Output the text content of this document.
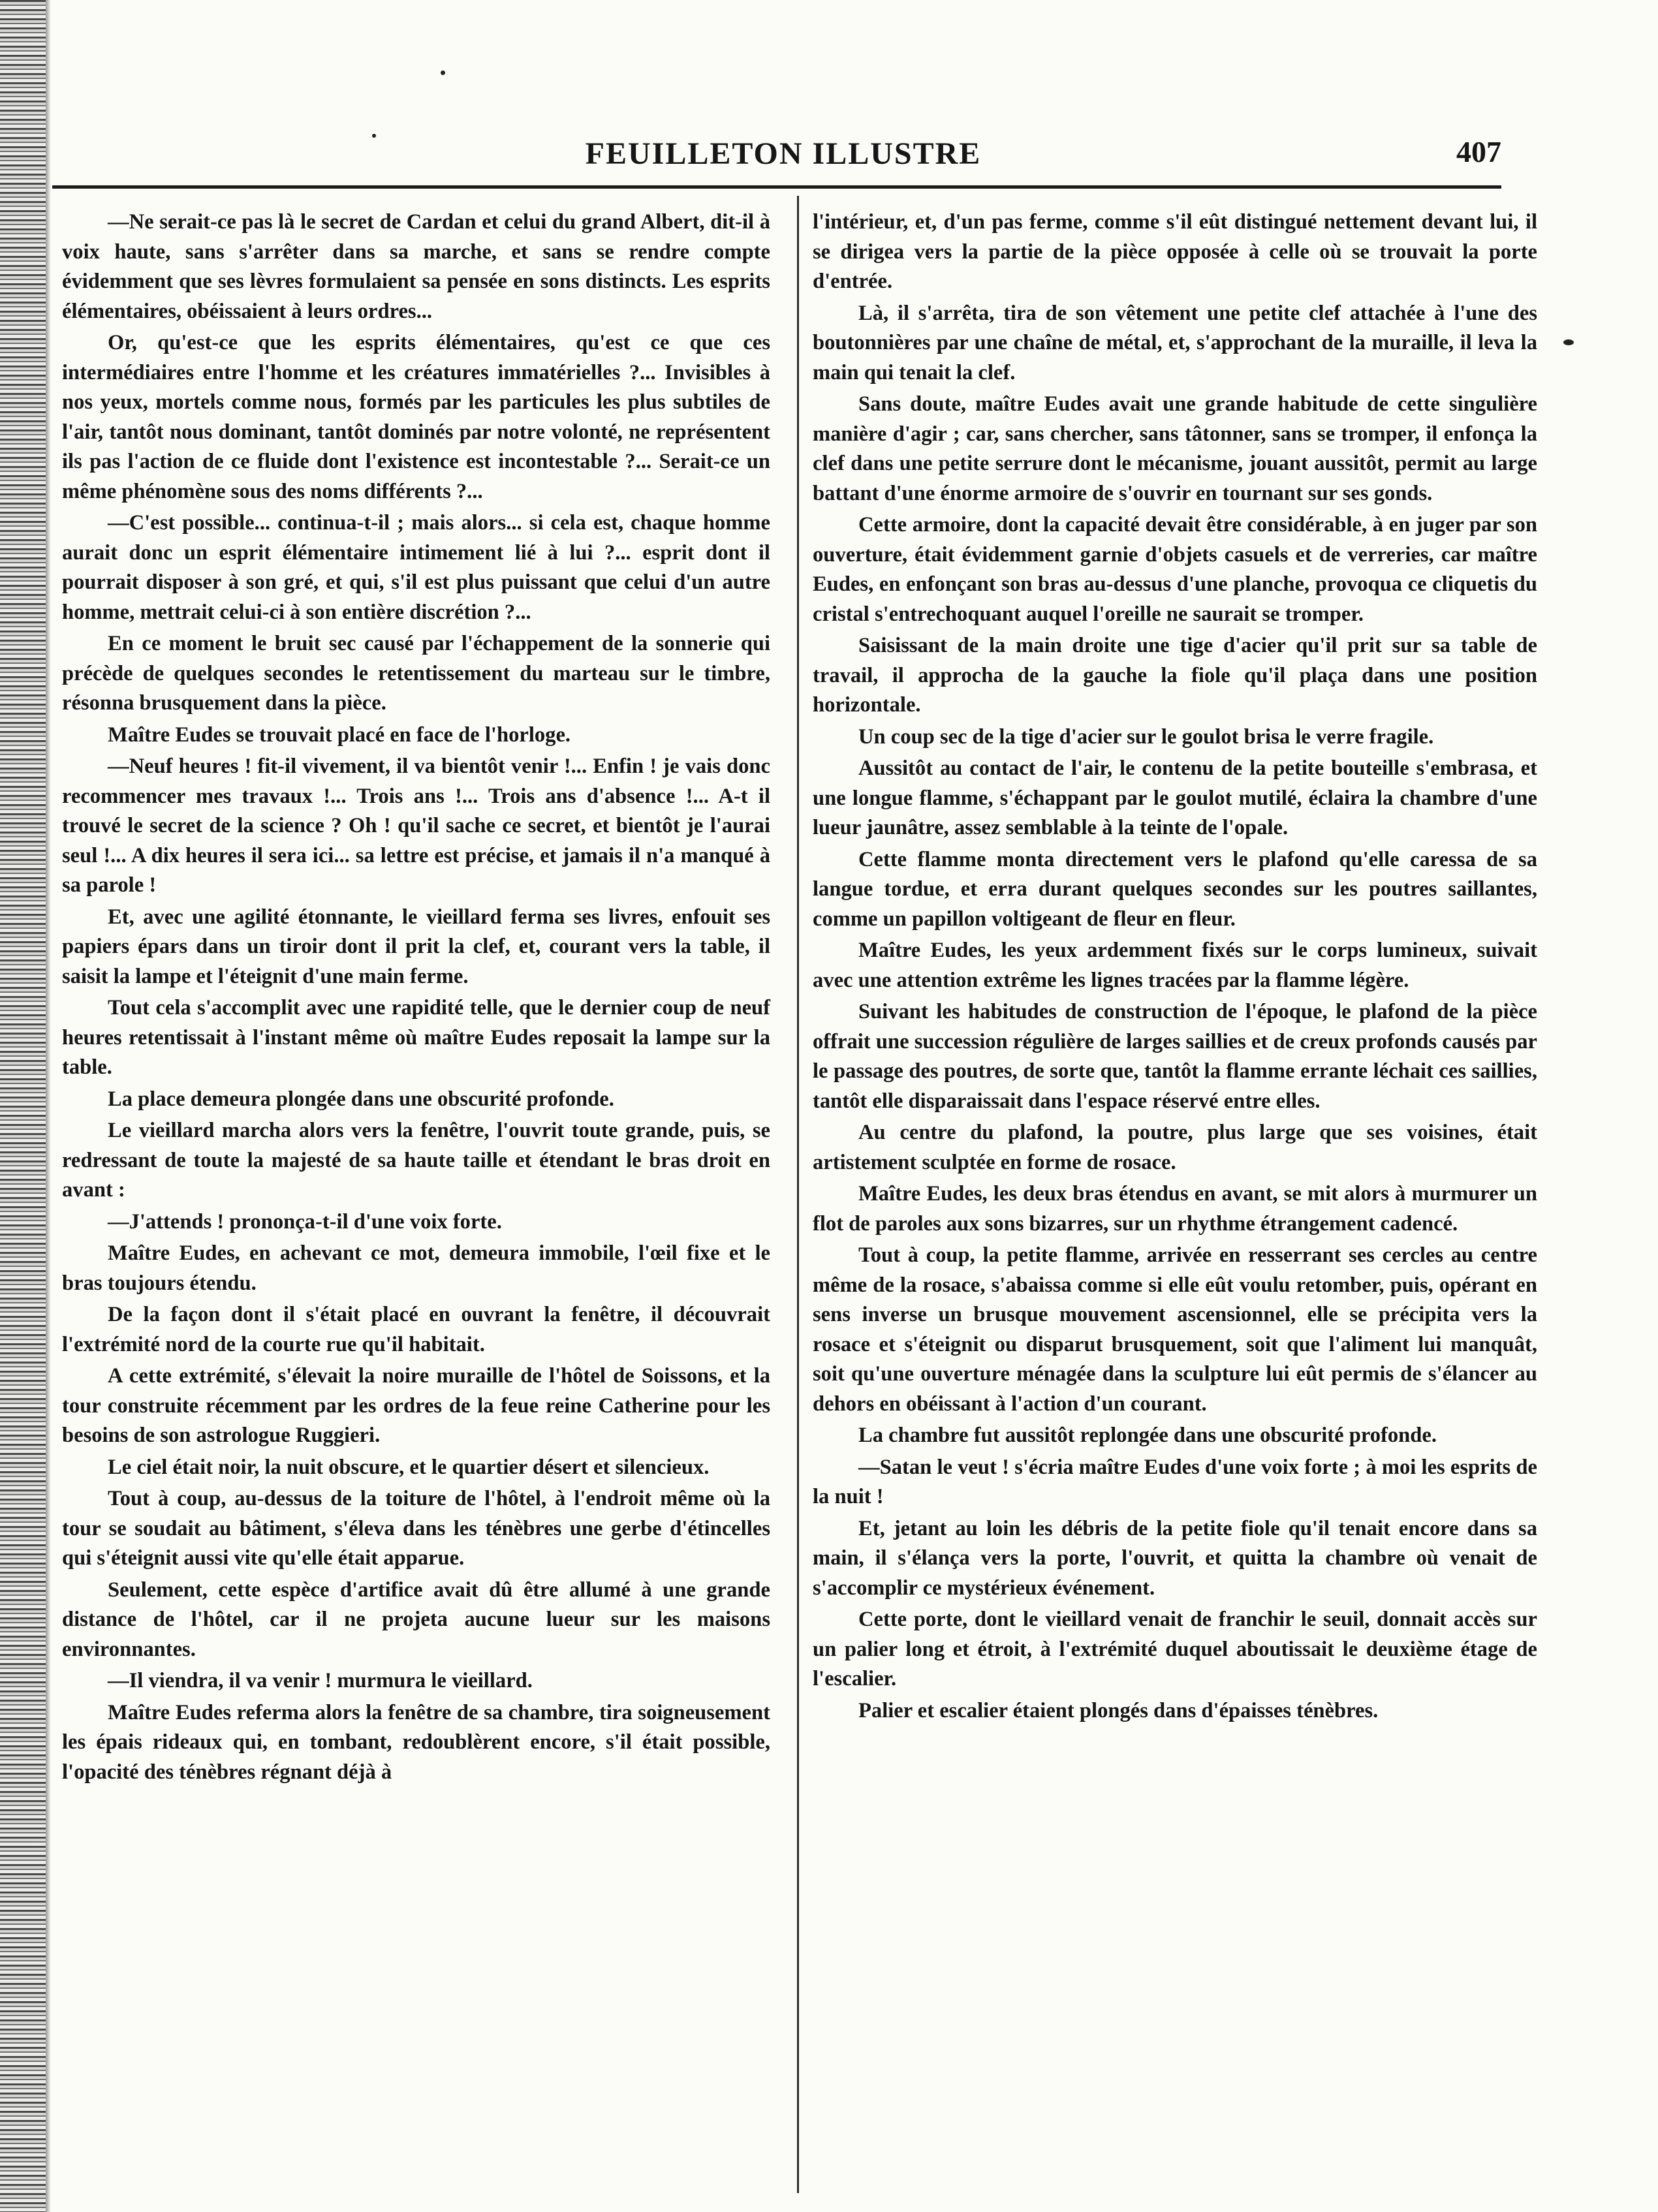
FEUILLETON ILLUSTRE	407

—Ne serait-ce pas là le secret de Cardan et celui du grand Albert, dit-il à voix haute, sans s'arrêter dans sa marche, et sans se rendre compte évidemment que ses lèvres formulaient sa pensée en sons distincts. Les esprits élémentaires, obéissaient à leurs ordres...

Or, qu'est-ce que les esprits élémentaires, qu'est ce que ces intermédiaires entre l'homme et les créatures immatérielles ?... Invisibles à nos yeux, mortels comme nous, formés par les particules les plus subtiles de l'air, tantôt nous dominant, tantôt dominés par notre volonté, ne représentent ils pas l'action de ce fluide dont l'existence est incontestable ?... Serait-ce un même phénomène sous des noms différents ?...

—C'est possible... continua-t-il ; mais alors... si cela est, chaque homme aurait donc un esprit élémentaire intimement lié à lui ?... esprit dont il pourrait disposer à son gré, et qui, s'il est plus puissant que celui d'un autre homme, mettrait celui-ci à son entière discrétion ?...

En ce moment le bruit sec causé par l'échappement de la sonnerie qui précède de quelques secondes le retentissement du marteau sur le timbre, résonna brusquement dans la pièce.

Maître Eudes se trouvait placé en face de l'horloge.

—Neuf heures ! fit-il vivement, il va bientôt venir !... Enfin ! je vais donc recommencer mes travaux !... Trois ans !... Trois ans d'absence !... A-t il trouvé le secret de la science ? Oh ! qu'il sache ce secret, et bientôt je l'aurai seul !... A dix heures il sera ici... sa lettre est précise, et jamais il n'a manqué à sa parole !

Et, avec une agilité étonnante, le vieillard ferma ses livres, enfouit ses papiers épars dans un tiroir dont il prit la clef, et, courant vers la table, il saisit la lampe et l'éteignit d'une main ferme.

Tout cela s'accomplit avec une rapidité telle, que le dernier coup de neuf heures retentissait à l'instant même où maître Eudes reposait la lampe sur la table.

La place demeura plongée dans une obscurité profonde.

Le vieillard marcha alors vers la fenêtre, l'ouvrit toute grande, puis, se redressant de toute la majesté de sa haute taille et étendant le bras droit en avant :

—J'attends ! prononça-t-il d'une voix forte.

Maître Eudes, en achevant ce mot, demeura immobile, l'œil fixe et le bras toujours étendu.

De la façon dont il s'était placé en ouvrant la fenêtre, il découvrait l'extrémité nord de la courte rue qu'il habitait.

A cette extrémité, s'élevait la noire muraille de l'hôtel de Soissons, et la tour construite récemment par les ordres de la feue reine Catherine pour les besoins de son astrologue Ruggieri.

Le ciel était noir, la nuit obscure, et le quartier désert et silencieux.

Tout à coup, au-dessus de la toiture de l'hôtel, à l'endroit même où la tour se soudait au bâtiment, s'éleva dans les ténèbres une gerbe d'étincelles qui s'éteignit aussi vite qu'elle était apparue.

Seulement, cette espèce d'artifice avait dû être allumé à une grande distance de l'hôtel, car il ne projeta aucune lueur sur les maisons environnantes.

—Il viendra, il va venir ! murmura le vieillard.

Maître Eudes referma alors la fenêtre de sa chambre, tira soigneusement les épais rideaux qui, en tombant, redoublèrent encore, s'il était possible, l'opacité des ténèbres régnant déjà à

l'intérieur, et, d'un pas ferme, comme s'il eût distingué nettement devant lui, il se dirigea vers la partie de la pièce opposée à celle où se trouvait la porte d'entrée.

Là, il s'arrêta, tira de son vêtement une petite clef attachée à l'une des boutonnières par une chaîne de métal, et, s'approchant de la muraille, il leva la main qui tenait la clef.

Sans doute, maître Eudes avait une grande habitude de cette singulière manière d'agir ; car, sans chercher, sans tâtonner, sans se tromper, il enfonça la clef dans une petite serrure dont le mécanisme, jouant aussitôt, permit au large battant d'une énorme armoire de s'ouvrir en tournant sur ses gonds.

Cette armoire, dont la capacité devait être considérable, à en juger par son ouverture, était évidemment garnie d'objets casuels et de verreries, car maître Eudes, en enfonçant son bras au-dessus d'une planche, provoqua ce cliquetis du cristal s'entrechoquant auquel l'oreille ne saurait se tromper.

Saisissant de la main droite une tige d'acier qu'il prit sur sa table de travail, il approcha de la gauche la fiole qu'il plaça dans une position horizontale.

Un coup sec de la tige d'acier sur le goulot brisa le verre fragile.

Aussitôt au contact de l'air, le contenu de la petite bouteille s'embrasa, et une longue flamme, s'échappant par le goulot mutilé, éclaira la chambre d'une lueur jaunâtre, assez semblable à la teinte de l'opale.

Cette flamme monta directement vers le plafond qu'elle caressa de sa langue tordue, et erra durant quelques secondes sur les poutres saillantes, comme un papillon voltigeant de fleur en fleur.

Maître Eudes, les yeux ardemment fixés sur le corps lumineux, suivait avec une attention extrême les lignes tracées par la flamme légère.

Suivant les habitudes de construction de l'époque, le plafond de la pièce offrait une succession régulière de larges saillies et de creux profonds causés par le passage des poutres, de sorte que, tantôt la flamme errante léchait ces saillies, tantôt elle disparaissait dans l'espace réservé entre elles.

Au centre du plafond, la poutre, plus large que ses voisines, était artistement sculptée en forme de rosace.

Maître Eudes, les deux bras étendus en avant, se mit alors à murmurer un flot de paroles aux sons bizarres, sur un rhythme étrangement cadencé.

Tout à coup, la petite flamme, arrivée en resserrant ses cercles au centre même de la rosace, s'abaissa comme si elle eût voulu retomber, puis, opérant en sens inverse un brusque mouvement ascensionnel, elle se précipita vers la rosace et s'éteignit ou disparut brusquement, soit que l'aliment lui manquât, soit qu'une ouverture ménagée dans la sculpture lui eût permis de s'élancer au dehors en obéissant à l'action d'un courant.

La chambre fut aussitôt replongée dans une obscurité profonde.

—Satan le veut ! s'écria maître Eudes d'une voix forte ; à moi les esprits de la nuit !

Et, jetant au loin les débris de la petite fiole qu'il tenait encore dans sa main, il s'élança vers la porte, l'ouvrit, et quitta la chambre où venait de s'accomplir ce mystérieux événement.

Cette porte, dont le vieillard venait de franchir le seuil, donnait accès sur un palier long et étroit, à l'extrémité duquel aboutissait le deuxième étage de l'escalier.

Palier et escalier étaient plongés dans d'épaisses ténèbres.
